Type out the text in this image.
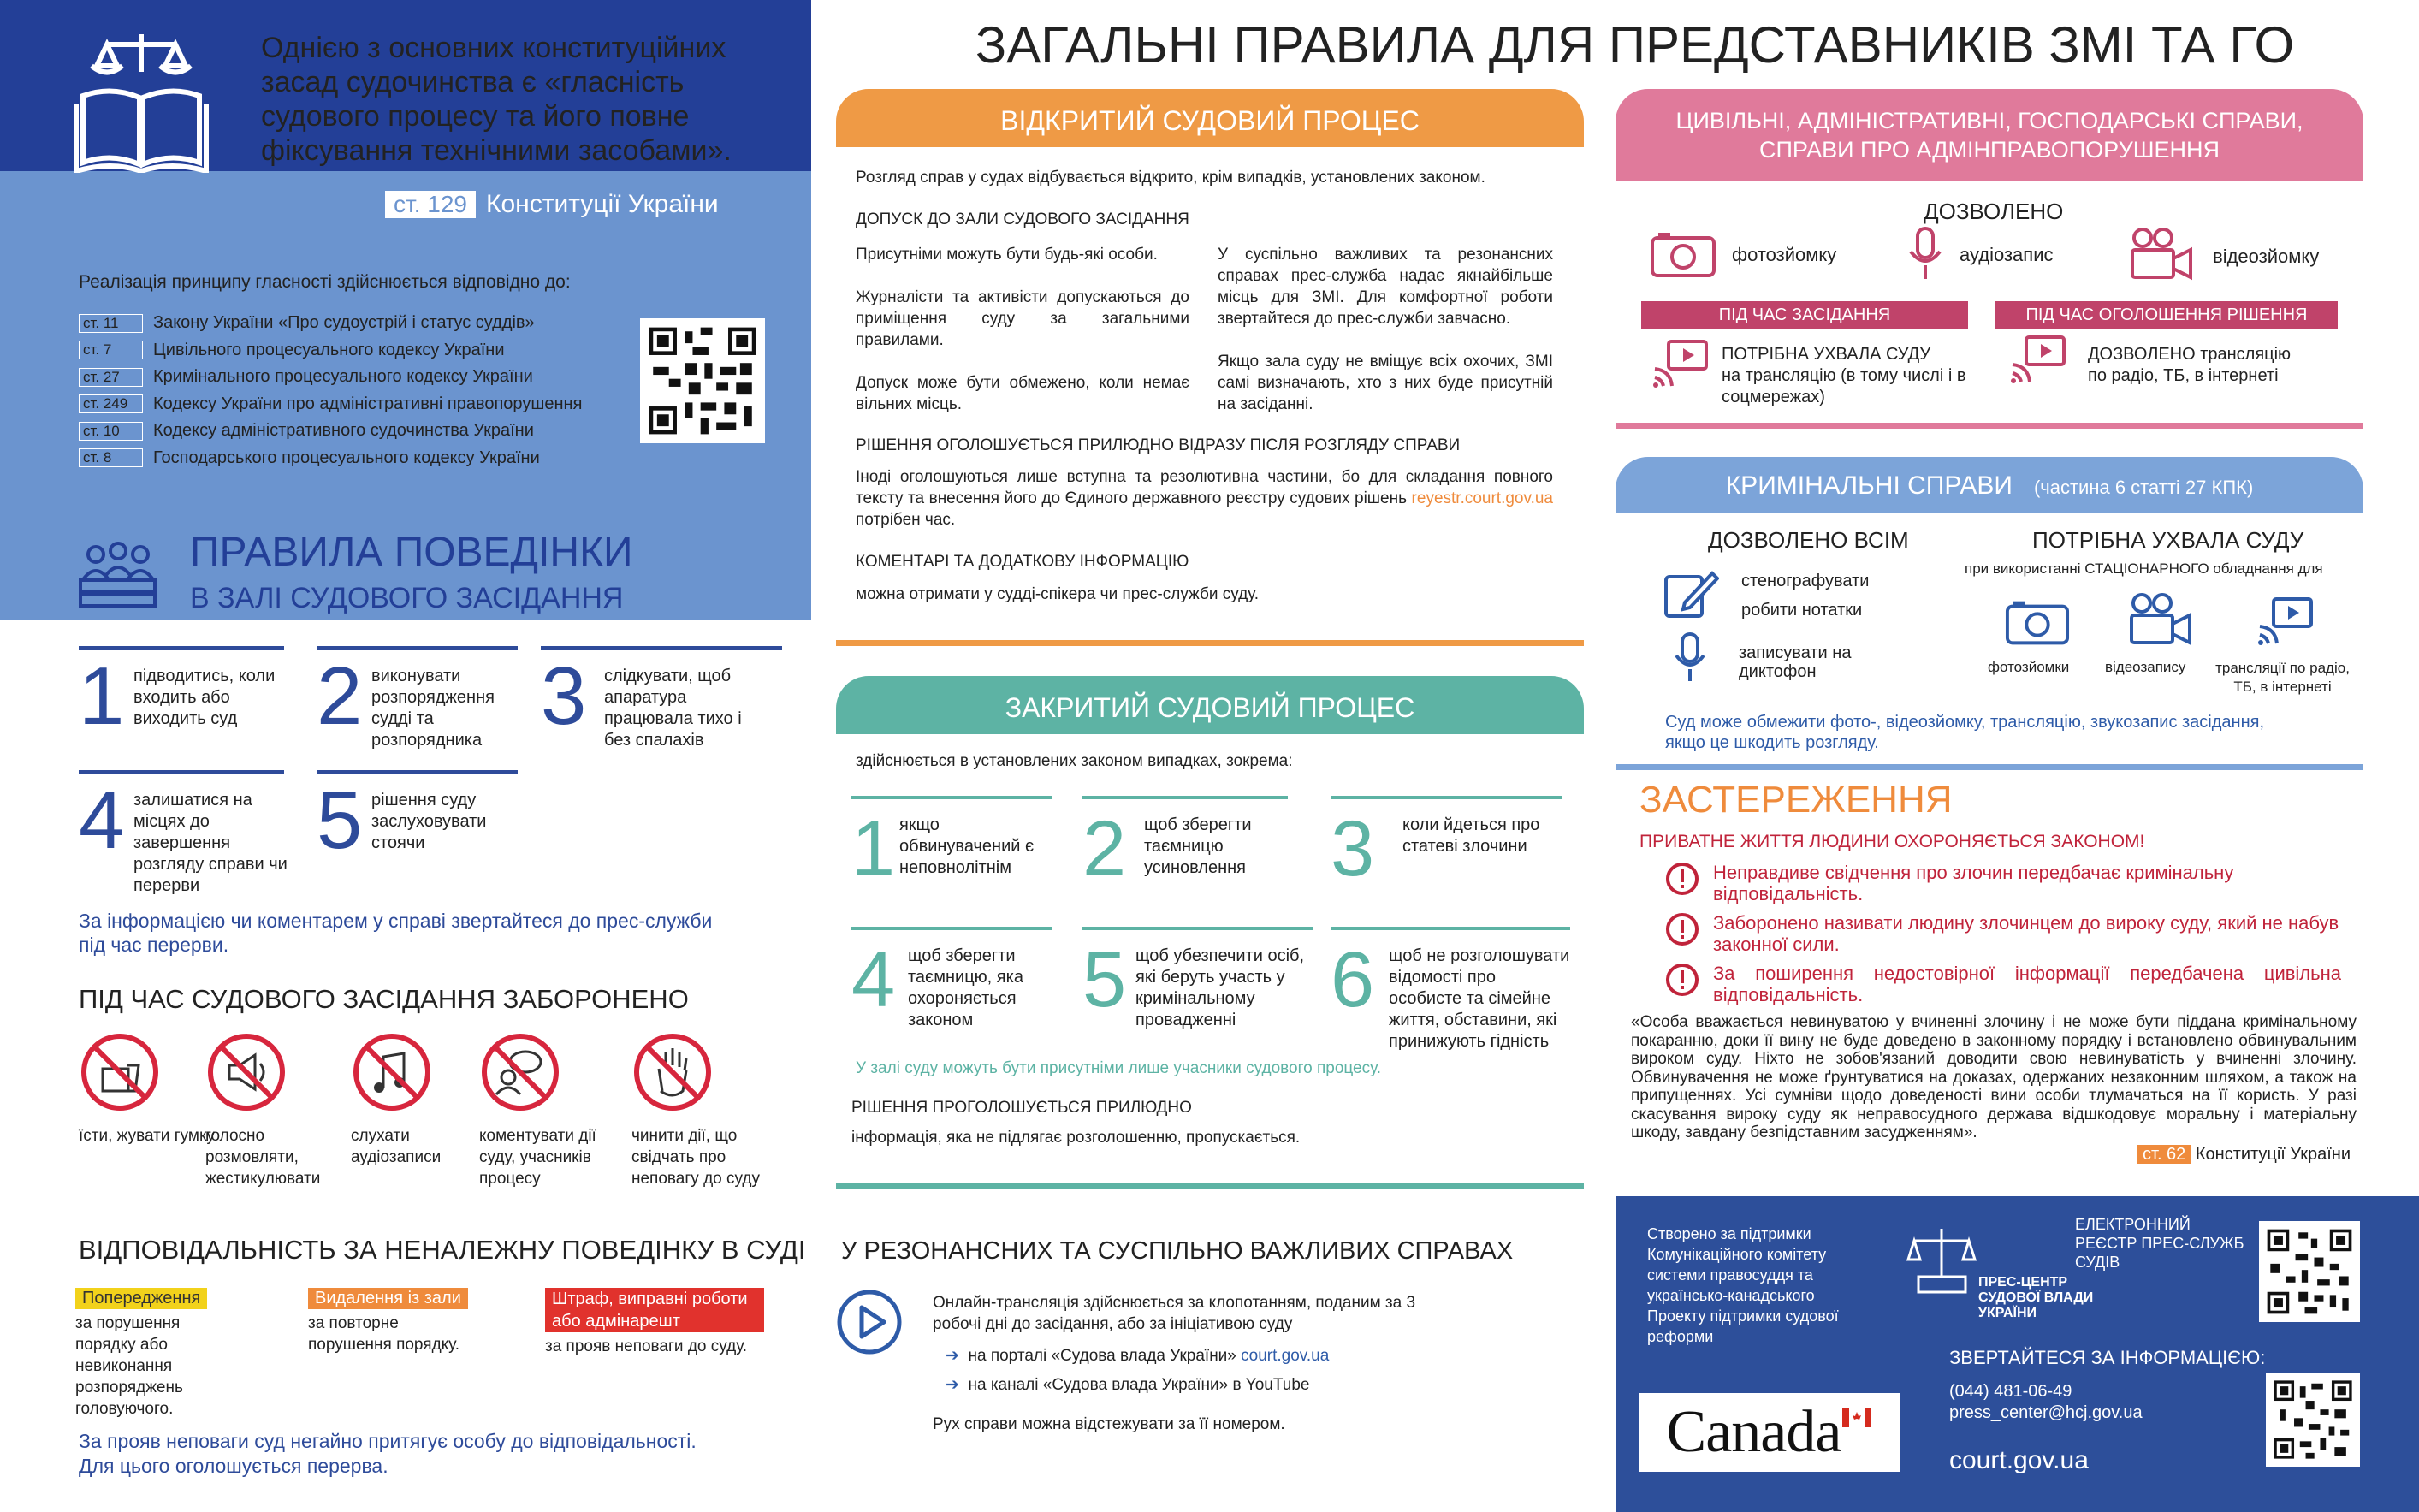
Однією з основних конституційних засад судочинства є «гласність судового процесу та його повне фіксування технічними засобами».
ст. 129 Конституції України
Реалізація принципу гласності здійснюється відповідно до:
ст. 11	Закону України «Про судоустрій і статус суддів»
ст. 7	Цивільного процесуального кодексу України
ст. 27	Кримінального процесуального кодексу України
ст. 249	Кодексу України про адміністративні правопорушення
ст. 10	Кодексу адміністративного судочинства України
ст. 8	Господарського процесуального кодексу України
ПРАВИЛА ПОВЕДІНКИ
В ЗАЛІ СУДОВОГО ЗАСІДАННЯ
1 підводитись, коли входить або виходить суд 2 виконувати розпорядження судді та розпорядника 3 слідкувати, щоб апаратура працювала тихо і без спалахів
4 залишатися на місцях до завершення розгляду справи чи перерви
5 рішення суду заслуховувати стоячи
За інформацією чи коментарем у справі звертайтеся до прес-служби під час перерви.
ПІД ЧАС СУДОВОГО ЗАСІДАННЯ ЗАБОРОНЕНО
їсти, жувати гумку
голосно розмовляти, жестикулювати
слухати аудіозаписи
коментувати дії суду, учасників процесу
чинити дії, що свідчать про неповагу до суду
ВІДПОВІДАЛЬНІСТЬ ЗА НЕНАЛЕЖНУ ПОВЕДІНКУ В СУДІ
Попередження
за порушення порядку або невиконання розпоряджень головуючого.
Видалення із зали
за повторне порушення порядку.
Штраф, виправні роботи або адмінарешт
за прояв неповаги до суду.
За прояв неповаги суд негайно притягує особу до відповідальності. Для цього оголошується перерва.
ЗАГАЛЬНІ ПРАВИЛА ДЛЯ ПРЕДСТАВНИКІВ ЗМІ ТА ГО
ВІДКРИТИЙ СУДОВИЙ ПРОЦЕС
Розгляд справ у судах відбувається відкрито, крім випадків, установлених законом.
ДОПУСК ДО ЗАЛИ СУДОВОГО ЗАСІДАННЯ
Присутніми можуть бути будь-які особи.
Журналісти та активісти допускаються до приміщення суду за загальними правилами.
Допуск може бути обмежено, коли немає вільних місць.
У суспільно важливих та резонансних справах прес-служба надає якнайбільше місць для ЗМІ. Для комфортної роботи звертайтеся до прес-служби завчасно.
Якщо зала суду не вміщує всіх охочих, ЗМІ самі визначають, хто з них буде присутній на засіданні.
РІШЕННЯ ОГОЛОШУЄТЬСЯ ПРИЛЮДНО ВІДРАЗУ ПІСЛЯ РОЗГЛЯДУ СПРАВИ
Іноді оголошуються лише вступна та резолютивна частини, бо для складання повного тексту та внесення його до Єдиного державного реєстру судових рішень reyestr.court.gov.ua потрібен час.
КОМЕНТАРІ ТА ДОДАТКОВУ ІНФОРМАЦІЮ
можна отримати у судді-спікера чи прес-служби суду.
ЗАКРИТИЙ СУДОВИЙ ПРОЦЕС
здійснюється в установлених законом випадках, зокрема:
1 якщо обвинувачений є неповнолітнім 2 щоб зберегти таємницю усиновлення	3 коли йдеться про статеві злочини
4 щоб зберегти таємницю, яка охороняється законом	5 щоб убезпечити осіб, які беруть участь у кримінальному провадженні	6 щоб не розголошувати відомості про особисте та сімейне життя, обставини, які принижують гідність
У залі суду можуть бути присутніми лише учасники судового процесу.
РІШЕННЯ ПРОГОЛОШУЄТЬСЯ ПРИЛЮДНО
інформація, яка не підлягає розголошенню, пропускається.
У РЕЗОНАНСНИХ ТА СУСПІЛЬНО ВАЖЛИВИХ СПРАВАХ
Онлайн-трансляція здійснюється за клопотанням, поданим за 3 робочі дні до засідання, або за ініціативою суду
➔ на порталі «Судова влада України» court.gov.ua
➔ на каналі «Судова влада України» в YouTube
Рух справи можна відстежувати за її номером.
ЦИВІЛЬНІ, АДМІНІСТРАТИВНІ, ГОСПОДАРСЬКІ СПРАВИ, СПРАВИ ПРО АДМІНПРАВОПОРУШЕННЯ
ДОЗВОЛЕНО
фотозйомку	аудіозапис	відеозйомку
ПІД ЧАС ЗАСІДАННЯ	ПІД ЧАС ОГОЛОШЕННЯ РІШЕННЯ
ПОТРІБНА УХВАЛА СУДУ
на трансляцію (в тому числі і в соцмережах)
ДОЗВОЛЕНО трансляцію
по радіо, ТБ, в інтернеті
КРИМІНАЛЬНІ СПРАВИ (частина 6 статті 27 КПК)
ДОЗВОЛЕНО ВСІМ
стенографувати
робити нотатки
записувати на диктофон
ПОТРІБНА УХВАЛА СУДУ
при використанні СТАЦІОНАРНОГО обладнання для
фотозйомки відеозапису	трансляції по радіо, ТБ, в інтернеті
Суд може обмежити фото-, відеозйомку, трансляцію, звукозапис засідання, якщо це шкодить розгляду.
ЗАСТЕРЕЖЕННЯ
ПРИВАТНЕ ЖИТТЯ ЛЮДИНИ ОХОРОНЯЄТЬСЯ ЗАКОНОМ!
Неправдиве свідчення про злочин передбачає кримінальну відповідальність.
Заборонено називати людину злочинцем до вироку суду, який не набув законної сили.
За поширення недостовірної інформації передбачена цивільна відповідальність.
«Особа вважається невинуватою у вчиненні злочину і не може бути піддана кримінальному покаранню, доки її вину не буде доведено в законному порядку і встановлено обвинувальним вироком суду. Ніхто не зобов'язаний доводити свою невинуватість у вчиненні злочину. Обвинувачення не може ґрунтуватися на доказах, одержаних незаконним шляхом, а також на припущеннях. Усі сумніви щодо доведеності вини особи тлумачаться на її користь. У разі скасування вироку суду як неправосудного держава відшкодовує моральну і матеріальну шкоду, завдану безпідставним засудженням».
ст. 62 Конституції України
Створено за підтримки Комунікаційного комітету системи правосуддя та українсько-канадського Проекту підтримки судової реформи
ПРЕС-ЦЕНТР СУДОВОЇ ВЛАДИ УКРАЇНИ
ЕЛЕКТРОННИЙ РЕЄСТР ПРЕС-СЛУЖБ СУДІВ
ЗВЕРТАЙТЕСЯ ЗА ІНФОРМАЦІЄЮ:
(044) 481-06-49
press_center@hcj.gov.ua
court.gov.ua
Canada
